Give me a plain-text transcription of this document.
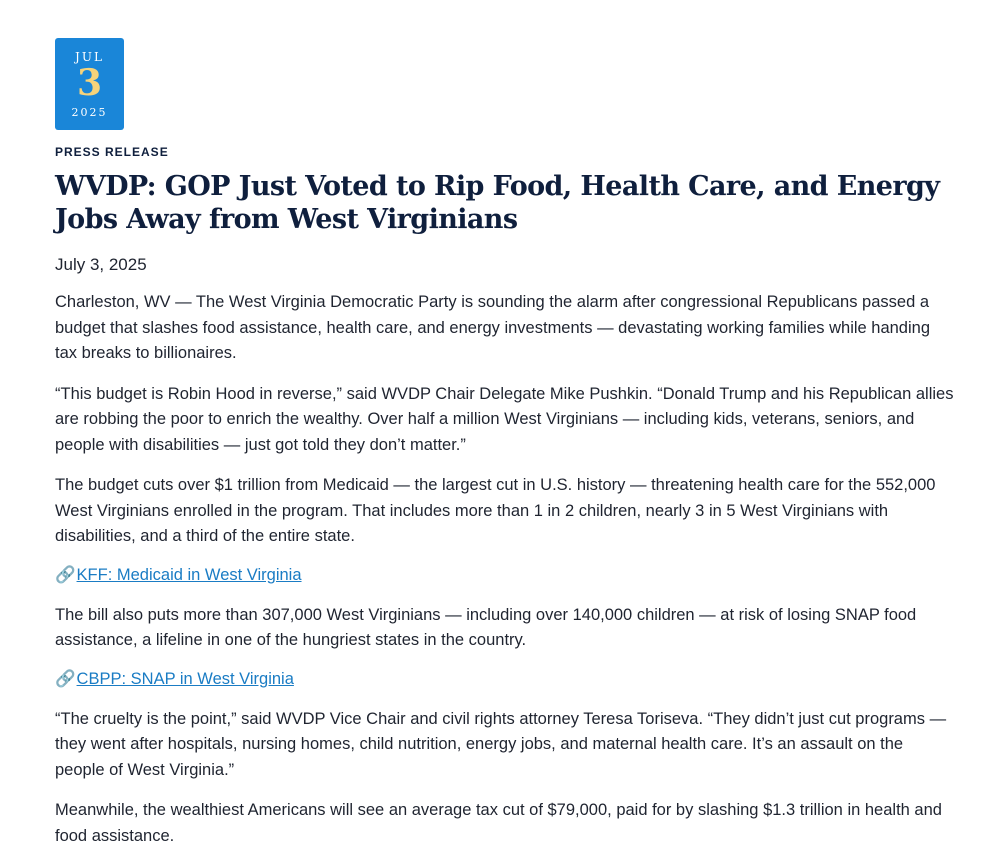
JUL
3
2025
PRESS RELEASE
WVDP: GOP Just Voted to Rip Food, Health Care, and Energy Jobs Away from West Virginians
July 3, 2025

Charleston, WV — The West Virginia Democratic Party is sounding the alarm after congressional Republicans passed a budget that slashes food assistance, health care, and energy investments — devastating working families while handing tax breaks to billionaires.

“This budget is Robin Hood in reverse,” said WVDP Chair Delegate Mike Pushkin. “Donald Trump and his Republican allies are robbing the poor to enrich the wealthy. Over half a million West Virginians — including kids, veterans, seniors, and people with disabilities — just got told they don’t matter.”

The budget cuts over $1 trillion from Medicaid — the largest cut in U.S. history — threatening health care for the 552,000 West Virginians enrolled in the program. That includes more than 1 in 2 children, nearly 3 in 5 West Virginians with disabilities, and a third of the entire state.

🔗KFF: Medicaid in West Virginia

The bill also puts more than 307,000 West Virginians — including over 140,000 children — at risk of losing SNAP food assistance, a lifeline in one of the hungriest states in the country.

🔗CBPP: SNAP in West Virginia

“The cruelty is the point,” said WVDP Vice Chair and civil rights attorney Teresa Toriseva. “They didn’t just cut programs — they went after hospitals, nursing homes, child nutrition, energy jobs, and maternal health care. It’s an assault on the people of West Virginia.”

Meanwhile, the wealthiest Americans will see an average tax cut of $79,000, paid for by slashing $1.3 trillion in health and food assistance.
